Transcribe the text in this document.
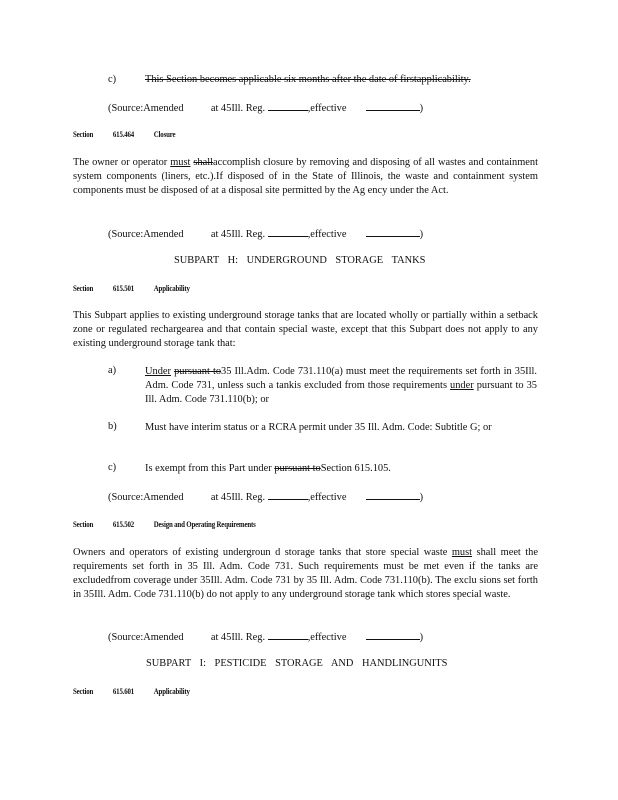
c)	This Section becomes applicable six months after the date of firstapplicability.
(Source:Amended	at 45Ill. Reg.	,effective	)
Section 615.464 Closure
The owner or operator must shallaccomplish closure by removing and disposing of all wastes and containment system components (liners, etc.).If disposed of in the State of Illinois, the waste and containment system components must be disposed of at a disposal site permitted by the Ag ency under the Act.
(Source:Amended	at 45Ill. Reg.	,effective	)
SUBPART H: UNDERGROUND STORAGE TANKS
Section 615.501 Applicability
This Subpart applies to existing underground storage tanks that are located wholly or partially within a setback zone or regulated rechargearea and that contain special waste, except that this Subpart does not apply to any existing underground storage tank that:
a)	Under pursuant to35 Ill.Adm. Code 731.110(a) must meet the requirements set forth in 35Ill. Adm. Code 731, unless such a tankis excluded from those requirements under pursuant to 35 Ill. Adm. Code 731.110(b); or
b)	Must have interim status or a RCRA permit under 35 Ill. Adm. Code: Subtitle G; or
c)	Is exempt from this Part under pursuant toSection 615.105.
(Source:Amended	at 45Ill. Reg.	,effective	)
Section 615.502 Design and Operating Requirements
Owners and operators of existing undergroun d storage tanks that store special waste must shall meet the requirements set forth in 35 Ill. Adm. Code 731. Such requirements must be met even if the tanks are excludedfrom coverage under 35Ill. Adm. Code 731 by 35 Ill. Adm. Code 731.110(b). The exclu sions set forth in 35Ill. Adm. Code 731.110(b) do not apply to any underground storage tank which stores special waste.
(Source:Amended	at 45Ill. Reg.	,effective	)
SUBPART I: PESTICIDE STORAGE AND HANDLINGUNITS
Section 615.601 Applicability
